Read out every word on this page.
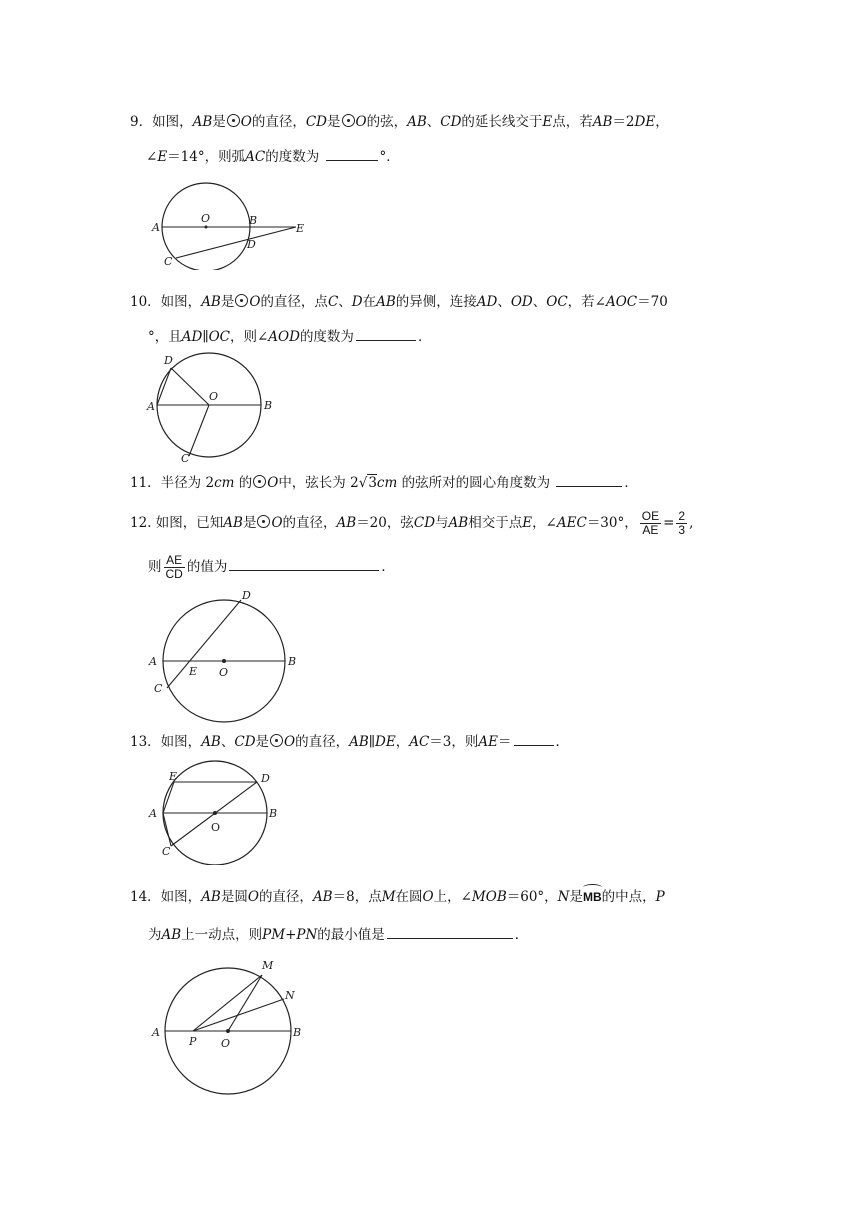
9．如图，AB是 O的直径，CD是 O的弦，AB、CD的延长线交于E点，若AB＝2DE，
∠E＝14°，则弧AC的度数为	°．
A
O	B
E
D
C
10．如图，AB是 O的直径，点C、D在AB的异侧，连接AD、OD、OC，若∠AOC＝70
°，且AD∥OC，则∠AOD的度数为	．
D
A
O
B
C
11．半径为 2cm 的 O中，弦长为 2√3cm 的弦所对的圆心角度数为	．
12. 如图，已知AB是 O的直径，AB＝20，弦CD与AB相交于点E，∠AEC＝30°， $\frac{OE}{AE} = \frac{2}{3}$ ,
则 $\frac{AE}{CD}$ 的值为	．
D
A
E O
B
C
13．如图，AB、CD是 O的直径，AB∥DE，AC＝3，则AE＝	．
E	D
A	B
O
C
14．如图，AB是圆O的直径，AB＝8，点M在圆O上，∠MOB＝60°，N是MB的中点，P
为AB上一动点，则PM+PN的最小值是	．
M
N
A
P O
B
